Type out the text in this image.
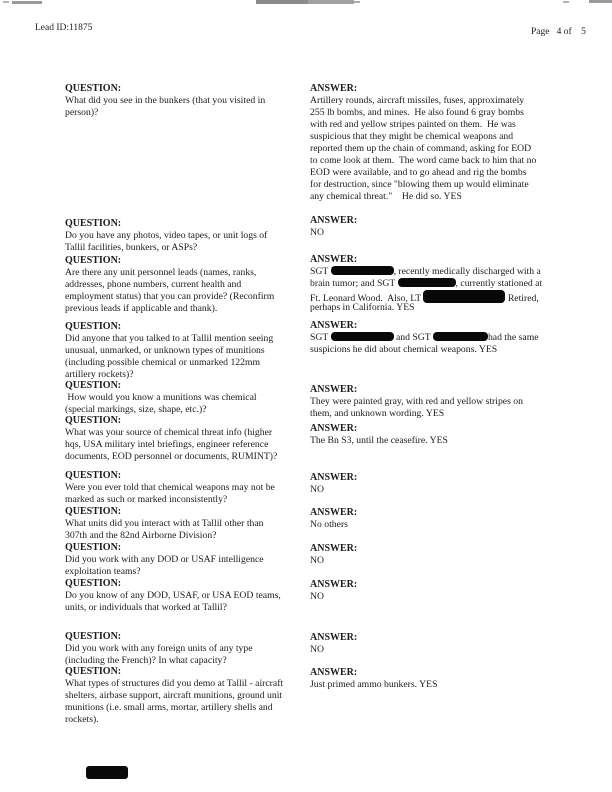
Lead ID:11875	Page   4 of    5
QUESTION:
What did you see in the bunkers (that you visited in
person)?
ANSWER:
Artillery rounds, aircraft missiles, fuses, approximately
255 lb bombs, and mines.  He also found 6 gray bombs
with red and yellow stripes painted on them.  He was
suspicious that they might be chemical weapons and
reported them up the chain of command, asking for EOD
to come look at them.  The word came back to him that no
EOD were available, and to go ahead and rig the bombs
for destruction, since "blowing them up would eliminate
any chemical threat."    He did so. YES
QUESTION:
Do you have any photos, video tapes, or unit logs of
Tallil facilities, bunkers, or ASPs?
ANSWER:
NO
QUESTION:
Are there any unit personnel leads (names, ranks,
addresses, phone numbers, current health and
employment status) that you can provide? (Reconfirm
previous leads if applicable and thank).
ANSWER:
SGT	, recently medically discharged with a
brain tumor; and SGT	, currently stationed at
Ft. Leonard Wood.  Also, LT	Retired,
perhaps in California. YES
QUESTION:
Did anyone that you talked to at Tallil mention seeing
unusual, unmarked, or unknown types of munitions
(including possible chemical or unmarked 122mm
artillery rockets)?
ANSWER:
SGT	and SGT	had the same
suspicions he did about chemical weapons. YES
QUESTION:
How would you know a munitions was chemical
(special markings, size, shape, etc.)?
ANSWER:
They were painted gray, with red and yellow stripes on
them, and unknown wording. YES
QUESTION:
What was your source of chemical threat info (higher
hqs, USA military intel briefings, engineer reference
documents, EOD personnel or documents, RUMINT)?
ANSWER:
The Bn S3, until the ceasefire. YES
QUESTION:
Were you ever told that chemical weapons may not be
marked as such or marked inconsistently?
ANSWER:
NO
QUESTION:
What units did you interact with at Tallil other than
307th and the 82nd Airborne Division?
ANSWER:
No others
QUESTION:
Did you work with any DOD or USAF intelligence
exploitation teams?
ANSWER:
NO
QUESTION:
Do you know of any DOD, USAF, or USA EOD teams,
units, or individuals that worked at Tallil?
ANSWER:
NO
QUESTION:
Did you work with any foreign units of any type
(including the French)? In what capacity?
ANSWER:
NO
QUESTION:
What types of structures did you demo at Tallil - aircraft
shelters, airbase support, aircraft munitions, ground unit
munitions (i.e. small arms, mortar, artillery shells and
rockets).
ANSWER:
Just primed ammo bunkers. YES
